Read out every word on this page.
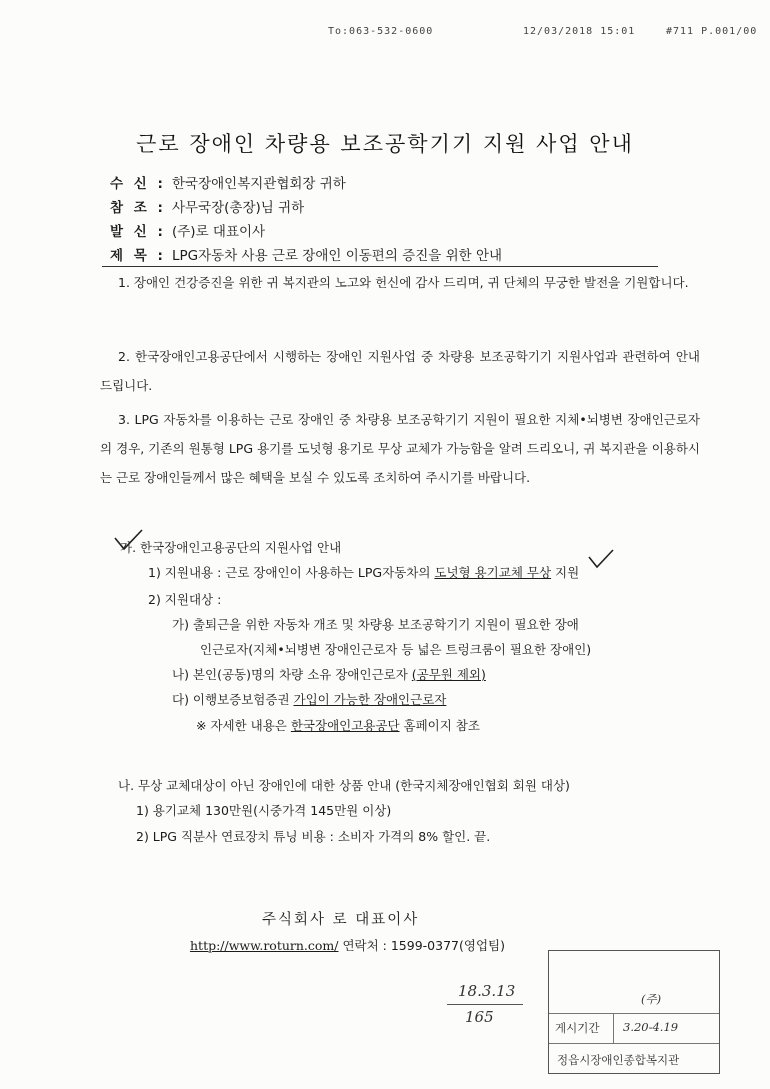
To:063-532-0600	12/03/2018 15:01	#711 P.001/00
근로 장애인 차량용 보조공학기기 지원 사업 안내
수 신 : 한국장애인복지관협회장 귀하
참 조 : 사무국장(총장)님 귀하
발 신 : (주)로 대표이사
제 목 : LPG자동차 사용 근로 장애인 이동편의 증진을 위한 안내
1. 장애인 건강증진을 위한 귀 복지관의 노고와 헌신에 감사 드리며, 귀 단체의 무궁한 발전을 기원합니다.
2. 한국장애인고용공단에서 시행하는 장애인 지원사업 중 차량용 보조공학기기 지원사업과 관련하여 안내 드립니다.
3. LPG 자동차를 이용하는 근로 장애인 중 차량용 보조공학기기 지원이 필요한 지체•뇌병변 장애인근로자의 경우, 기존의 원통형 LPG 용기를 도넛형 용기로 무상 교체가 가능함을 알려 드리오니, 귀 복지관을 이용하시는 근로 장애인들께서 많은 혜택을 보실 수 있도록 조치하여 주시기를 바랍니다.
가. 한국장애인고용공단의 지원사업 안내
1) 지원내용 : 근로 장애인이 사용하는 LPG자동차의 도넛형 용기교체 무상 지원
2) 지원대상 :
가) 출퇴근을 위한 자동차 개조 및 차량용 보조공학기기 지원이 필요한 장애
인근로자(지체•뇌병변 장애인근로자 등 넓은 트렁크룸이 필요한 장애인)
나) 본인(공동)명의 차량 소유 장애인근로자 (공무원 제외)
다) 이행보증보험증권 가입이 가능한 장애인근로자
※ 자세한 내용은 한국장애인고용공단 홈페이지 참조
나. 무상 교체대상이 아닌 장애인에 대한 상품 안내 (한국지체장애인협회 회원 대상)
1) 용기교체 130만원(시중가격 145만원 이상)
2) LPG 직분사 연료장치 튜닝 비용 : 소비자 가격의 8% 할인. 끝.
주식회사 로 대표이사
http://www.roturn.com/ 연락처 : 1599-0377(영업팀)
18.3.13
165
(주)
게시기간 3.20-4.19
정읍시장애인종합복지관
